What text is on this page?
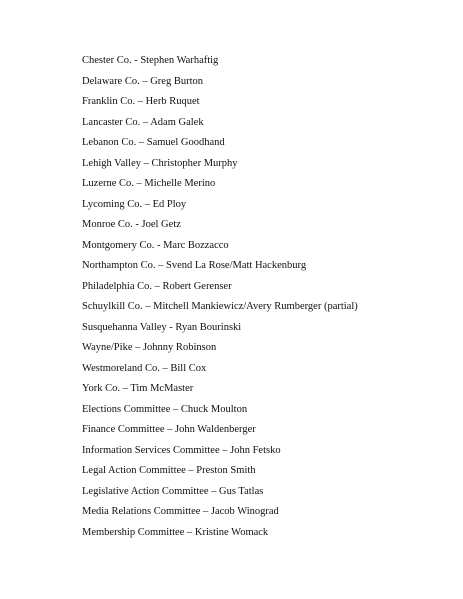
Chester Co. - Stephen Warhaftig
Delaware Co. – Greg Burton
Franklin Co. – Herb Ruquet
Lancaster Co. – Adam Galek
Lebanon Co. – Samuel Goodhand
Lehigh Valley – Christopher Murphy
Luzerne Co. – Michelle Merino
Lycoming Co. – Ed Ploy
Monroe Co. - Joel Getz
Montgomery Co. - Marc Bozzacco
Northampton Co. – Svend La Rose/Matt Hackenburg
Philadelphia Co. – Robert Gerenser
Schuylkill Co. – Mitchell Mankiewicz/Avery Rumberger (partial)
Susquehanna Valley - Ryan Bourinski
Wayne/Pike – Johnny Robinson
Westmoreland Co. – Bill Cox
York Co. – Tim McMaster
Elections Committee – Chuck Moulton
Finance Committee – John Waldenberger
Information Services Committee – John Fetsko
Legal Action Committee – Preston Smith
Legislative Action Committee – Gus Tatlas
Media Relations Committee – Jacob Winograd
Membership Committee – Kristine Womack
